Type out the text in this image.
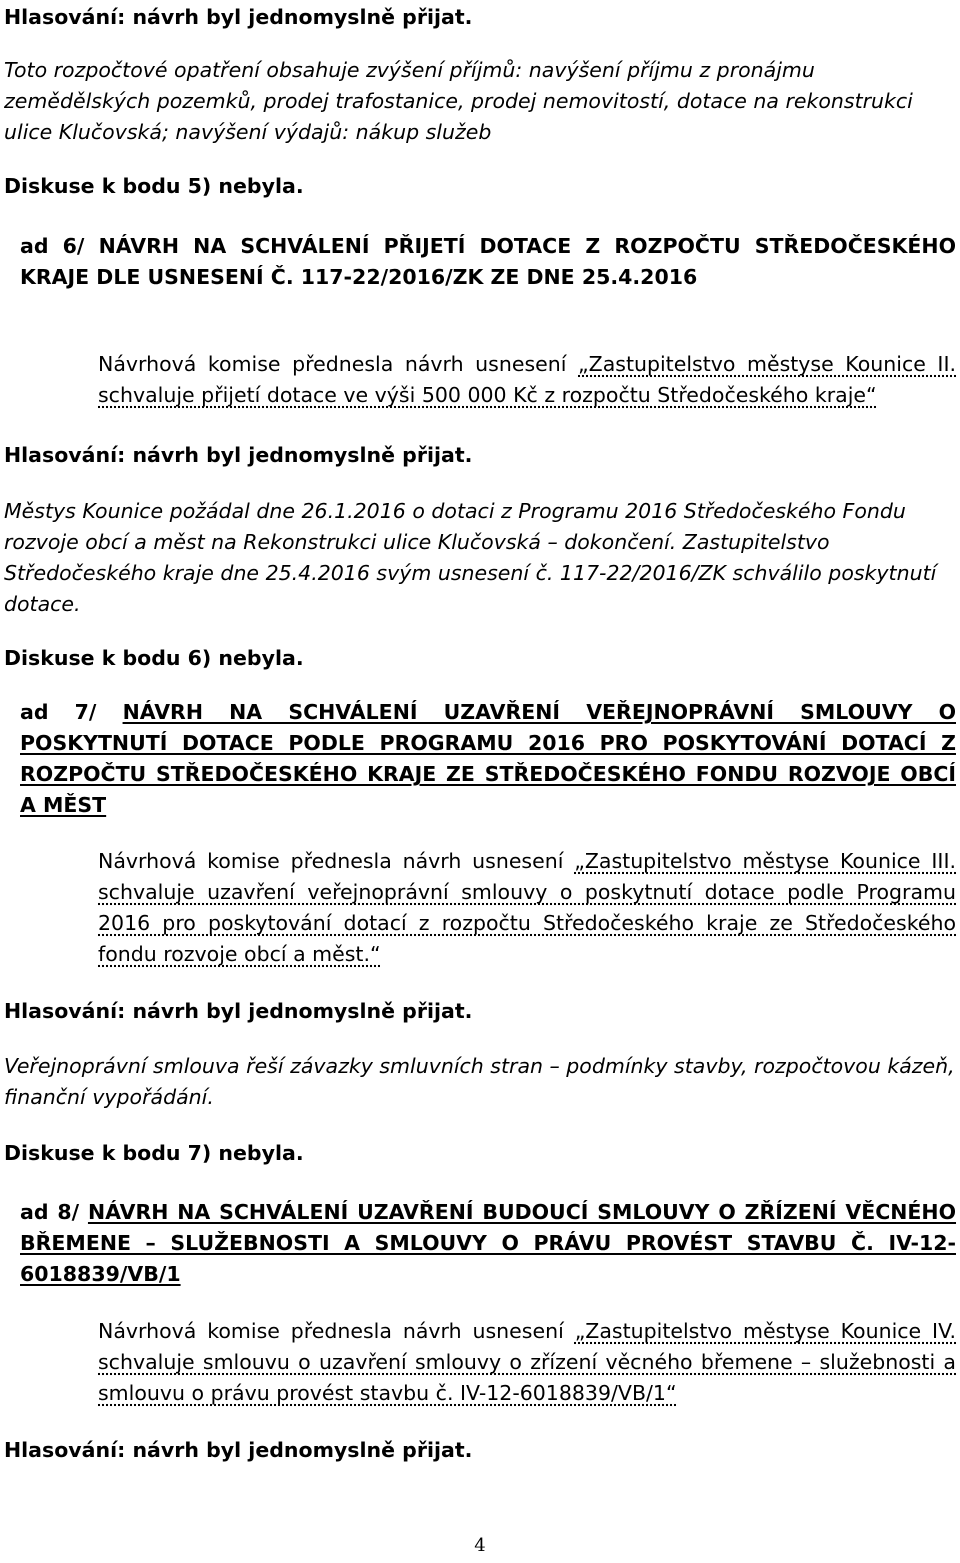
Hlasování: návrh byl jednomyslně přijat.
Toto rozpočtové opatření obsahuje zvýšení příjmů: navýšení příjmu z pronájmu zemědělských pozemků, prodej trafostanice, prodej nemovitostí, dotace na rekonstrukci ulice Klučovská; navýšení výdajů: nákup služeb
Diskuse k bodu 5) nebyla.
ad 6/ NÁVRH NA SCHVÁLENÍ PŘIJETÍ DOTACE Z ROZPOČTU STŘEDOČESKÉHO KRAJE DLE USNESENÍ Č. 117-22/2016/ZK ZE DNE 25.4.2016
Návrhová komise přednesla návrh usnesení „Zastupitelstvo městyse Kounice II. schvaluje přijetí dotace ve výši 500 000 Kč z rozpočtu Středočeského kraje“
Hlasování: návrh byl jednomyslně přijat.
Městys Kounice požádal dne 26.1.2016 o dotaci z Programu 2016 Středočeského Fondu rozvoje obcí a měst na Rekonstrukci ulice Klučovská – dokončení. Zastupitelstvo Středočeského kraje dne 25.4.2016 svým usnesení č. 117-22/2016/ZK schválilo poskytnutí dotace.
Diskuse k bodu 6) nebyla.
ad 7/ NÁVRH NA SCHVÁLENÍ UZAVŘENÍ VEŘEJNOPRÁVNÍ SMLOUVY O POSKYTNUTÍ DOTACE PODLE PROGRAMU 2016 PRO POSKYTOVÁNÍ DOTACÍ Z ROZPOČTU STŘEDOČESKÉHO KRAJE ZE STŘEDOČESKÉHO FONDU ROZVOJE OBCÍ A MĚST
Návrhová komise přednesla návrh usnesení „Zastupitelstvo městyse Kounice III. schvaluje uzavření veřejnoprávní smlouvy o poskytnutí dotace podle Programu 2016 pro poskytování dotací z rozpočtu Středočeského kraje ze Středočeského fondu rozvoje obcí a měst.“
Hlasování: návrh byl jednomyslně přijat.
Veřejnoprávní smlouva řeší závazky smluvních stran – podmínky stavby, rozpočtovou kázeň, finanční vypořádání.
Diskuse k bodu 7) nebyla.
ad 8/ NÁVRH NA SCHVÁLENÍ UZAVŘENÍ BUDOUCÍ SMLOUVY O ZŘÍZENÍ VĚCNÉHO BŘEMENE – SLUŽEBNOSTI A SMLOUVY O PRÁVU PROVÉST STAVBU Č. IV-12-6018839/VB/1
Návrhová komise přednesla návrh usnesení „Zastupitelstvo městyse Kounice IV. schvaluje smlouvu o uzavření smlouvy o zřízení věcného břemene – služebnosti a smlouvu o právu provést stavbu č. IV-12-6018839/VB/1“
Hlasování: návrh byl jednomyslně přijat.
4
